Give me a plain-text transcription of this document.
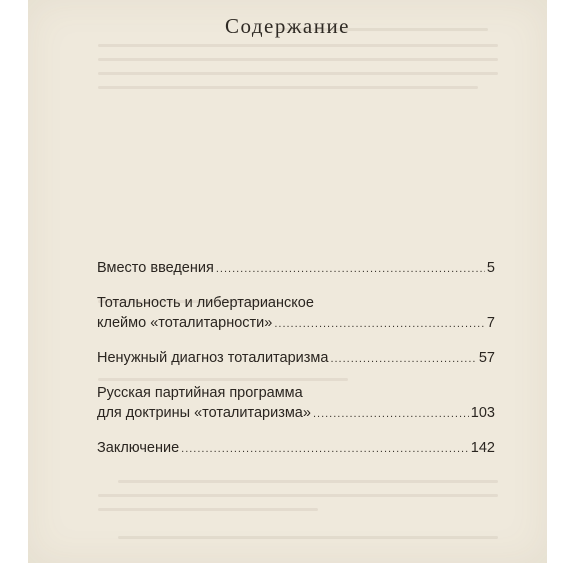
Содержание
Вместо введения .....	5
Тотальность и либертарианское
клеймо «тоталитарности» .....	7
Ненужный диагноз тоталитаризма .....	57
Русская партийная программа
для доктрины «тоталитаризма» .....	103
Заключение .....	142
